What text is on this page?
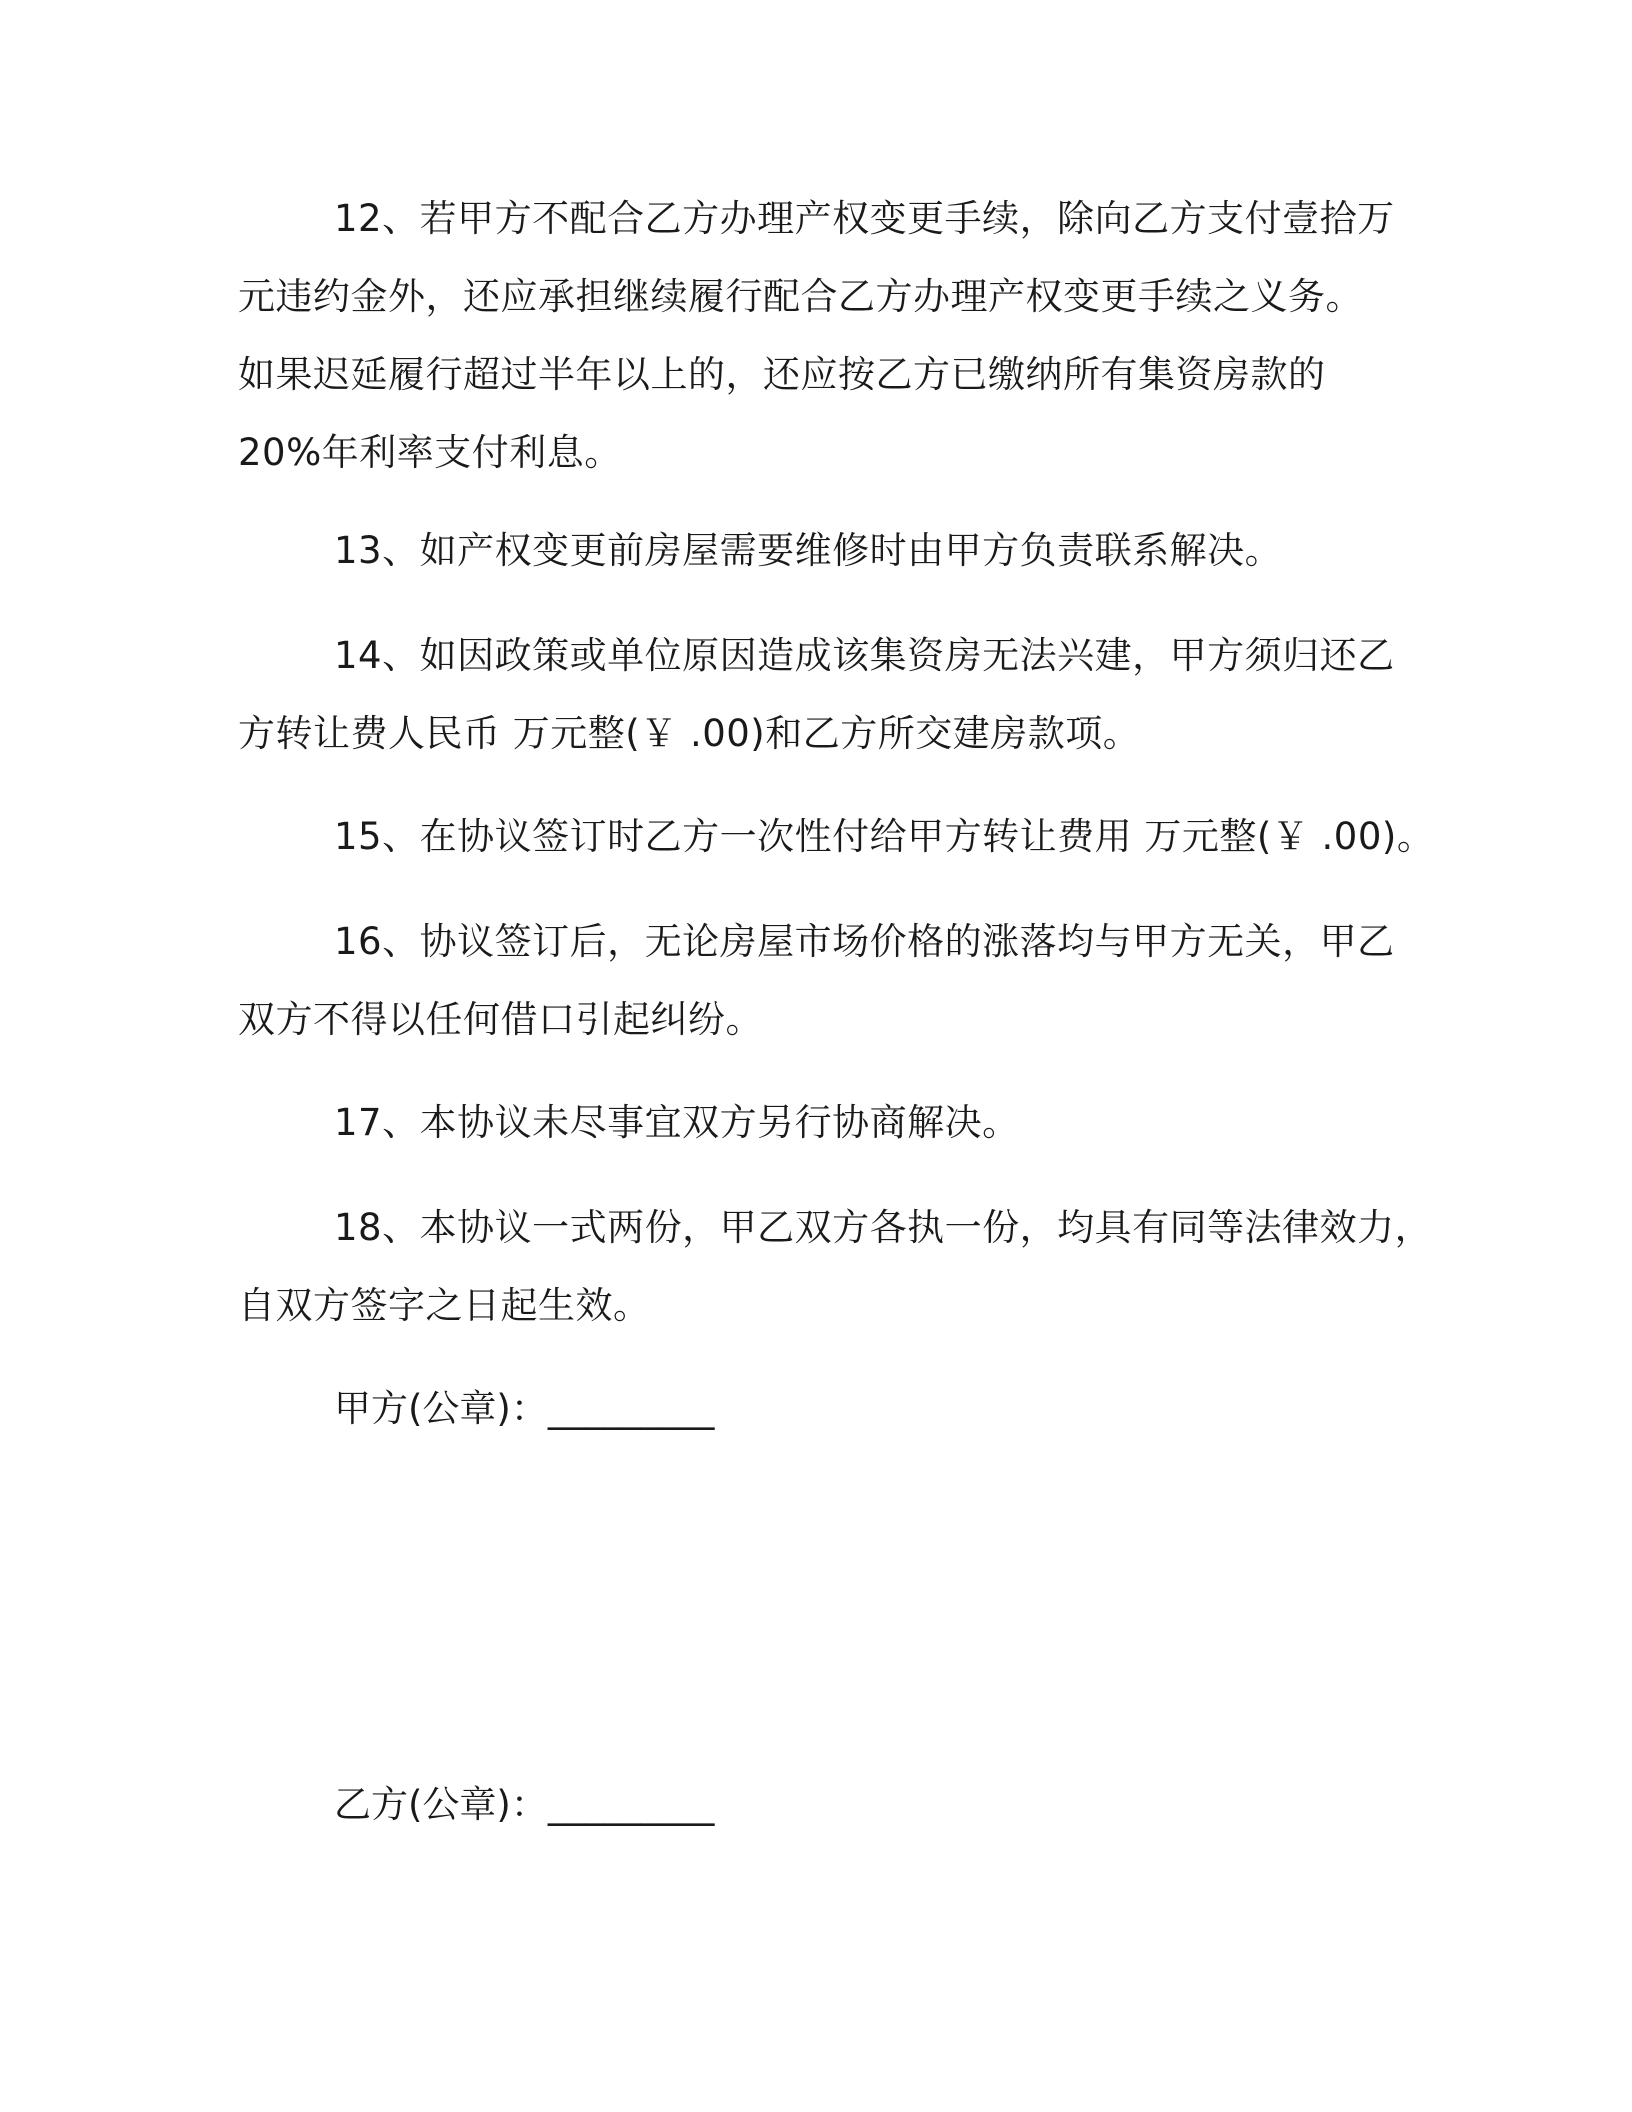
12、若甲方不配合乙方办理产权变更手续，除向乙方支付壹拾万
元违约金外，还应承担继续履行配合乙方办理产权变更手续之义务。
如果迟延履行超过半年以上的，还应按乙方已缴纳所有集资房款的
20%年利率支付利息。

13、如产权变更前房屋需要维修时由甲方负责联系解决。

14、如因政策或单位原因造成该集资房无法兴建，甲方须归还乙
方转让费人民币 万元整(￥ .00)和乙方所交建房款项。

15、在协议签订时乙方一次性付给甲方转让费用 万元整(￥ .00)。

16、协议签订后，无论房屋市场价格的涨落均与甲方无关，甲乙
双方不得以任何借口引起纠纷。

17、本协议未尽事宜双方另行协商解决。

18、本协议一式两份，甲乙双方各执一份，均具有同等法律效力，
自双方签字之日起生效。

甲方(公章)：_________

乙方(公章)：_________
